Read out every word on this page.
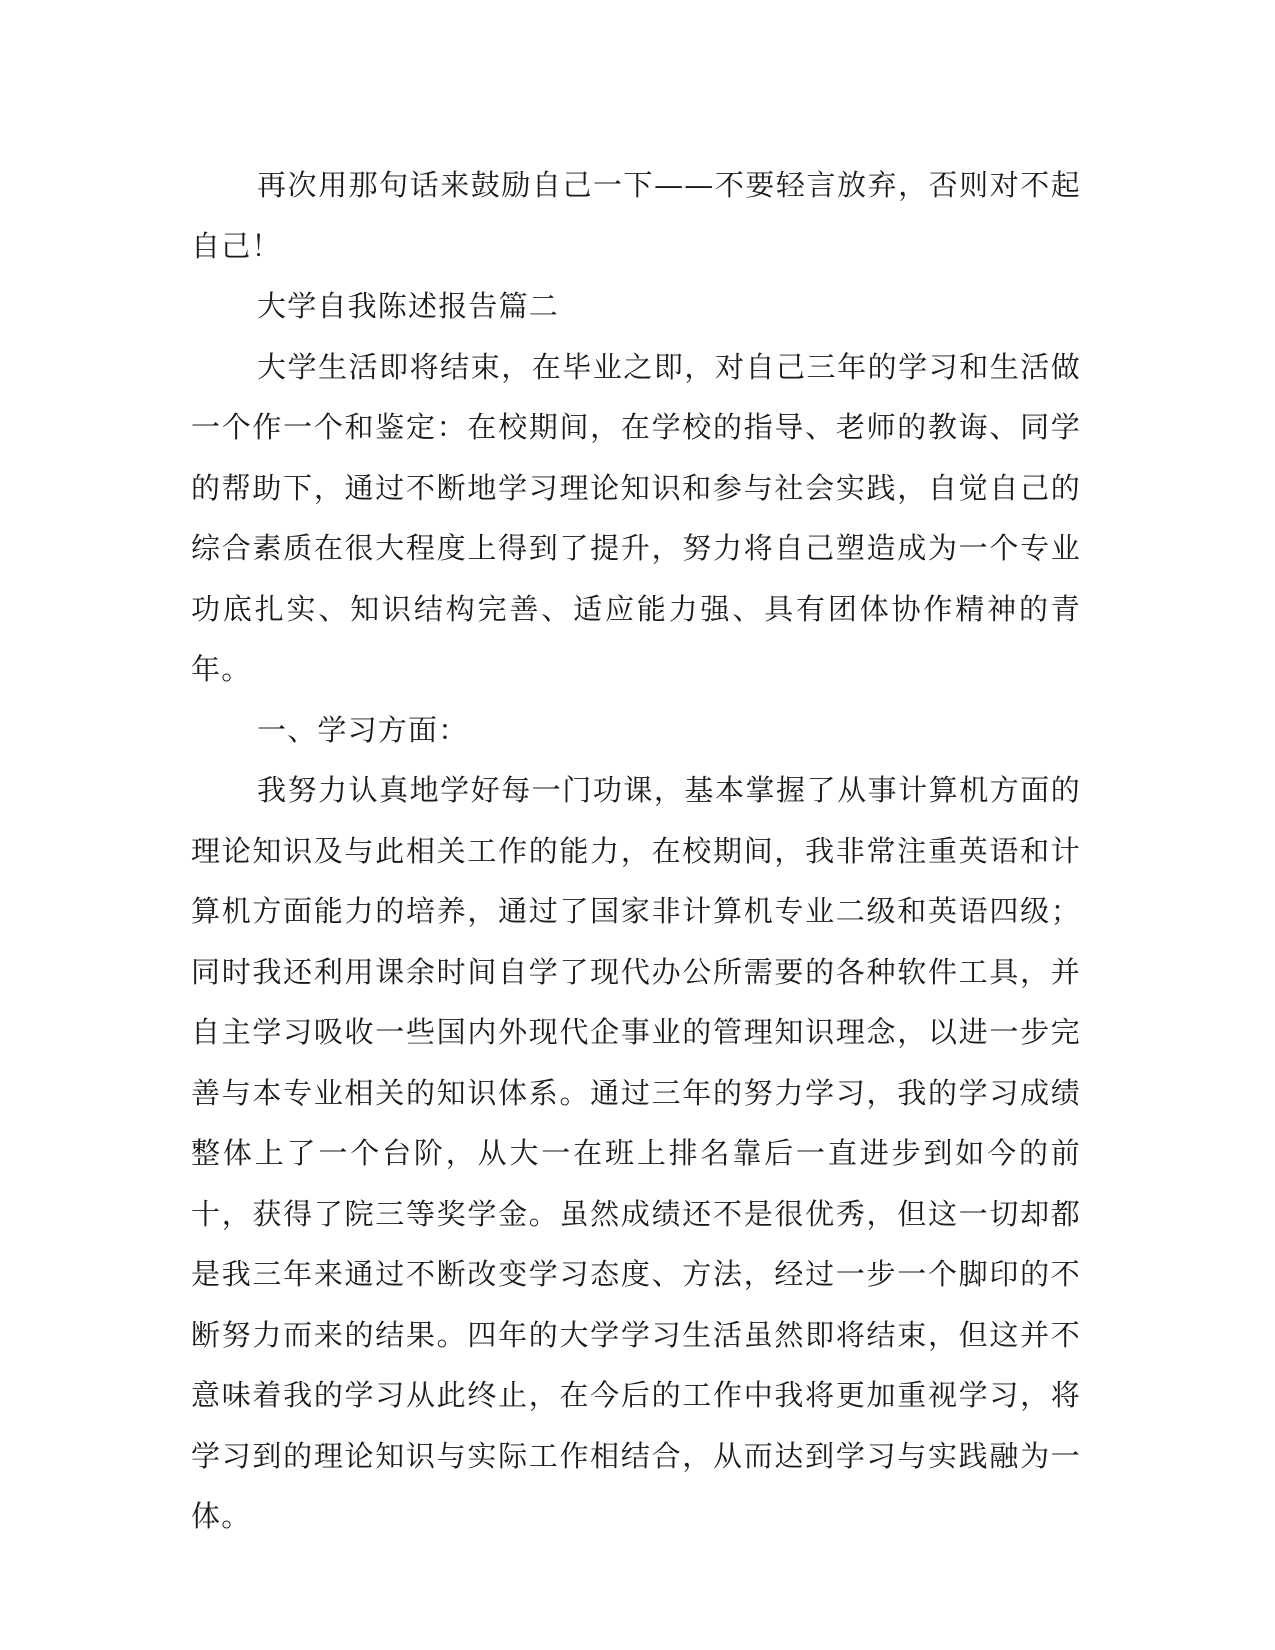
再次用那句话来鼓励自己一下——不要轻言放弃，否则对不起自己！

大学自我陈述报告篇二

大学生活即将结束，在毕业之即，对自己三年的学习和生活做一个作一个和鉴定：在校期间，在学校的指导、老师的教诲、同学的帮助下，通过不断地学习理论知识和参与社会实践，自觉自己的综合素质在很大程度上得到了提升，努力将自己塑造成为一个专业功底扎实、知识结构完善、适应能力强、具有团体协作精神的青年。

一、学习方面：

我努力认真地学好每一门功课，基本掌握了从事计算机方面的理论知识及与此相关工作的能力，在校期间，我非常注重英语和计算机方面能力的培养，通过了国家非计算机专业二级和英语四级；同时我还利用课余时间自学了现代办公所需要的各种软件工具，并自主学习吸收一些国内外现代企事业的管理知识理念，以进一步完善与本专业相关的知识体系。通过三年的努力学习，我的学习成绩整体上了一个台阶，从大一在班上排名靠后一直进步到如今的前十，获得了院三等奖学金。虽然成绩还不是很优秀，但这一切却都是我三年来通过不断改变学习态度、方法，经过一步一个脚印的不断努力而来的结果。四年的大学学习生活虽然即将结束，但这并不意味着我的学习从此终止，在今后的工作中我将更加重视学习，将学习到的理论知识与实际工作相结合，从而达到学习与实践融为一体。
